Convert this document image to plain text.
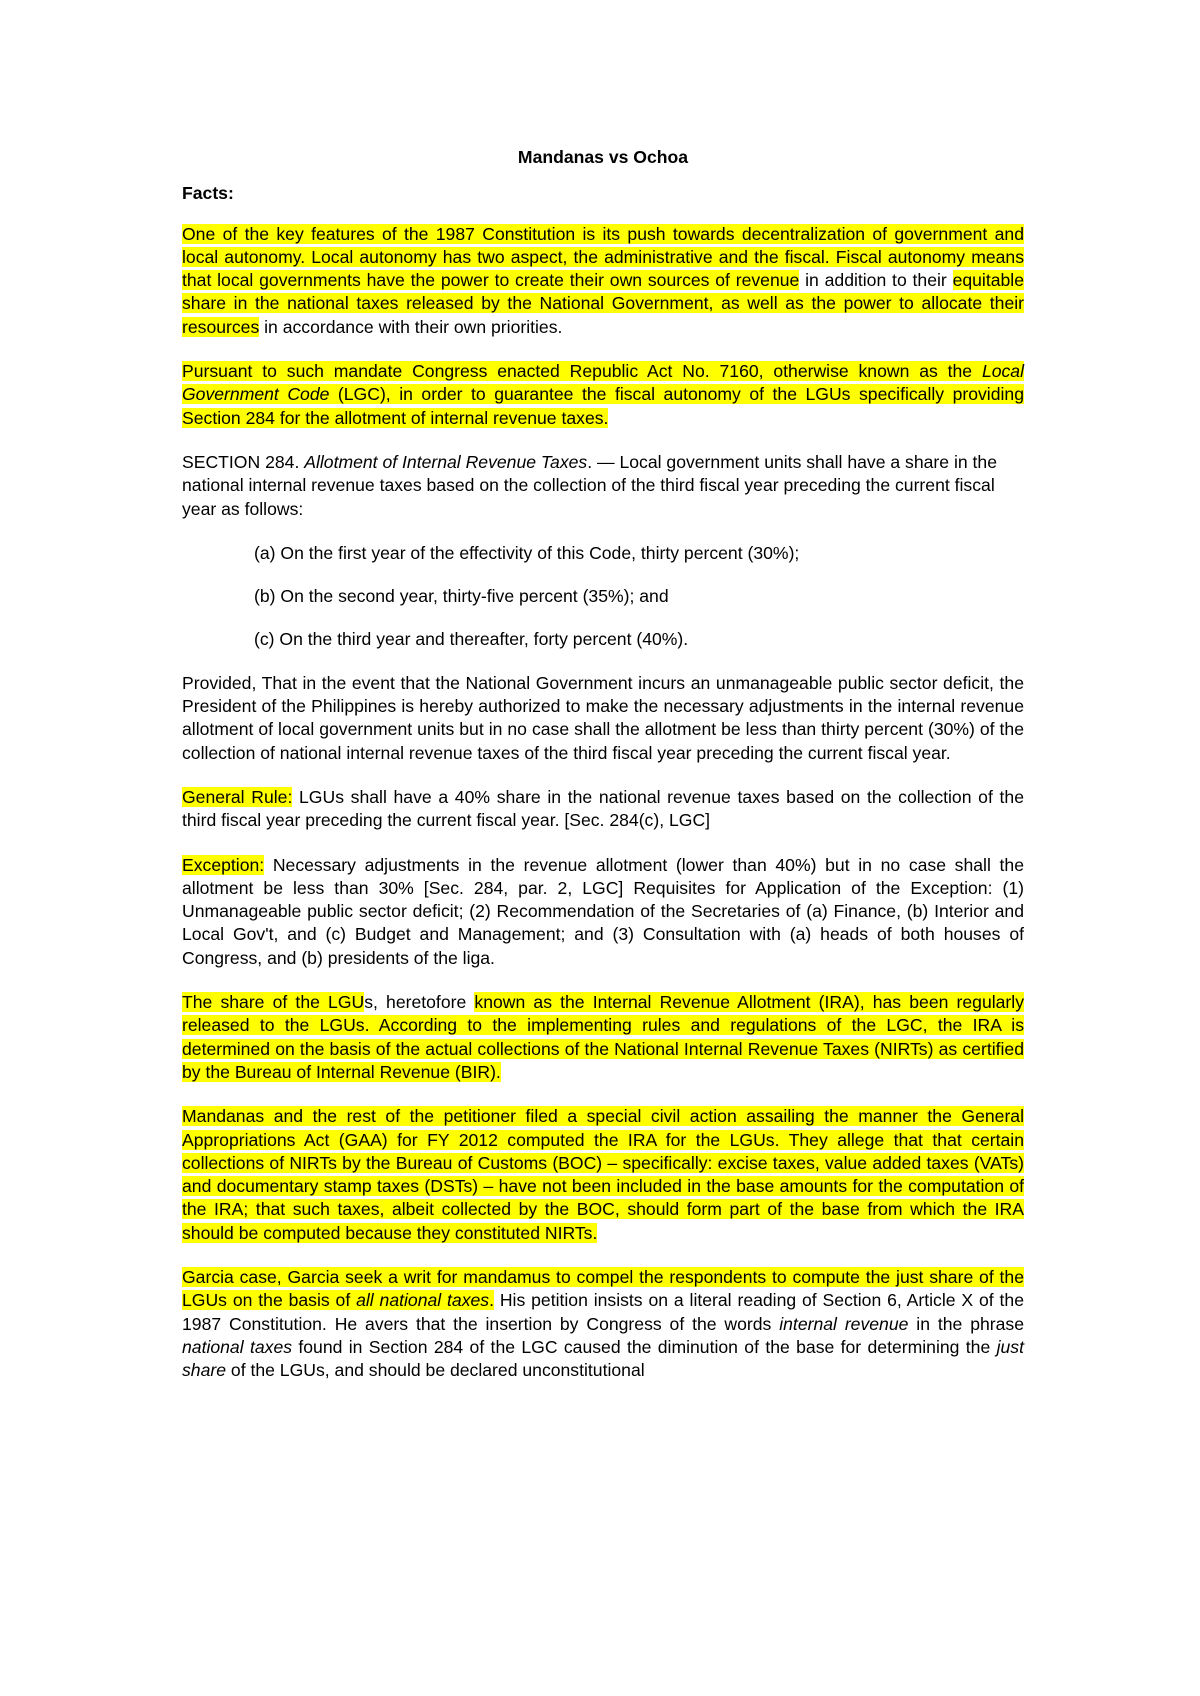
Mandanas vs Ochoa
Facts:
One of the key features of the 1987 Constitution is its push towards decentralization of government and local autonomy. Local autonomy has two aspect, the administrative and the fiscal. Fiscal autonomy means that local governments have the power to create their own sources of revenue in addition to their equitable share in the national taxes released by the National Government, as well as the power to allocate their resources in accordance with their own priorities.
Pursuant to such mandate Congress enacted Republic Act No. 7160, otherwise known as the Local Government Code (LGC), in order to guarantee the fiscal autonomy of the LGUs specifically providing Section 284 for the allotment of internal revenue taxes.
SECTION 284. Allotment of Internal Revenue Taxes. — Local government units shall have a share in the national internal revenue taxes based on the collection of the third fiscal year preceding the current fiscal year as follows:
(a) On the first year of the effectivity of this Code, thirty percent (30%);
(b) On the second year, thirty-five percent (35%); and
(c) On the third year and thereafter, forty percent (40%).
Provided, That in the event that the National Government incurs an unmanageable public sector deficit, the President of the Philippines is hereby authorized to make the necessary adjustments in the internal revenue allotment of local government units but in no case shall the allotment be less than thirty percent (30%) of the collection of national internal revenue taxes of the third fiscal year preceding the current fiscal year.
General Rule: LGUs shall have a 40% share in the national revenue taxes based on the collection of the third fiscal year preceding the current fiscal year. [Sec. 284(c), LGC]
Exception: Necessary adjustments in the revenue allotment (lower than 40%) but in no case shall the allotment be less than 30% [Sec. 284, par. 2, LGC] Requisites for Application of the Exception: (1) Unmanageable public sector deficit; (2) Recommendation of the Secretaries of (a) Finance, (b) Interior and Local Gov't, and (c) Budget and Management; and (3) Consultation with (a) heads of both houses of Congress, and (b) presidents of the liga.
The share of the LGUs, heretofore known as the Internal Revenue Allotment (IRA), has been regularly released to the LGUs. According to the implementing rules and regulations of the LGC, the IRA is determined on the basis of the actual collections of the National Internal Revenue Taxes (NIRTs) as certified by the Bureau of Internal Revenue (BIR).
Mandanas and the rest of the petitioner filed a special civil action assailing the manner the General Appropriations Act (GAA) for FY 2012 computed the IRA for the LGUs. They allege that that certain collections of NIRTs by the Bureau of Customs (BOC) – specifically: excise taxes, value added taxes (VATs) and documentary stamp taxes (DSTs) – have not been included in the base amounts for the computation of the IRA; that such taxes, albeit collected by the BOC, should form part of the base from which the IRA should be computed because they constituted NIRTs.
Garcia case, Garcia seek a writ for mandamus to compel the respondents to compute the just share of the LGUs on the basis of all national taxes. His petition insists on a literal reading of Section 6, Article X of the 1987 Constitution. He avers that the insertion by Congress of the words internal revenue in the phrase national taxes found in Section 284 of the LGC caused the diminution of the base for determining the just share of the LGUs, and should be declared unconstitutional
